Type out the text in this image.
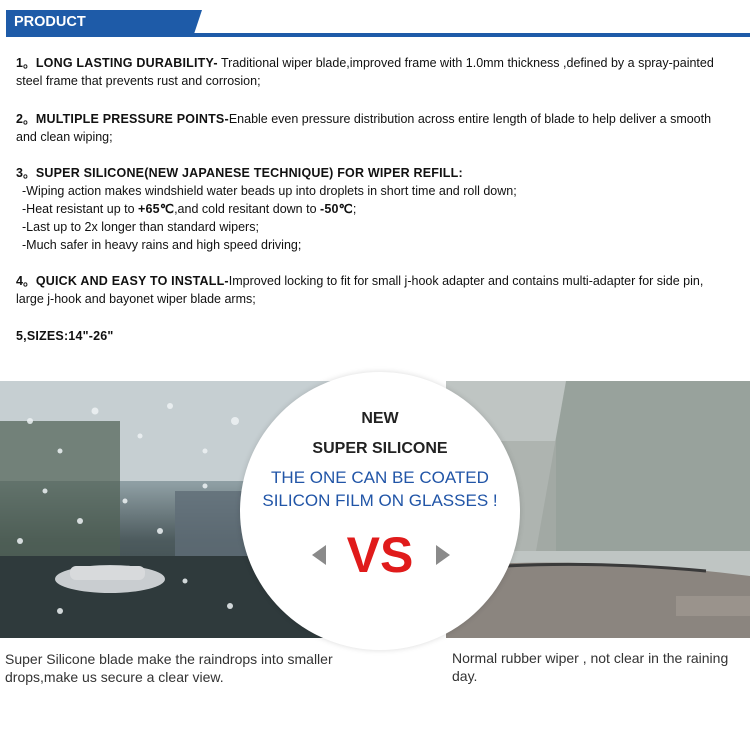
PRODUCT DESCRIPTION

1。LONG LASTING DURABILITY- Traditional wiper blade,improved frame with 1.0mm thickness ,defined by a spray-painted steel frame that prevents rust and corrosion;

2。MULTIPLE PRESSURE POINTS-Enable even pressure distribution across entire length of blade to help deliver a smooth and clean wiping;

3。SUPER SILICONE(NEW JAPANESE TECHNIQUE) FOR WIPER REFILL:

-Wiping action makes windshield water beads up into droplets in short time and roll down;

-Heat resistant up to +65℃,and cold resitant down to -50℃;

-Last up to 2x longer than standard wipers;

-Much safer in heavy rains and high speed driving;

4。QUICK AND EASY TO INSTALL-Improved locking to fit for small j-hook adapter and contains multi-adapter for side pin, large j-hook and bayonet wiper blade arms;

5,SIZES:14"-26"

NEW
SUPER SILICONE
THE ONE CAN BE COATED
SILICON FILM ON GLASSES !
VS
Super Silicone blade make the raindrops into smaller drops,make us secure a clear view.
Normal rubber wiper , not clear in the raining day.
